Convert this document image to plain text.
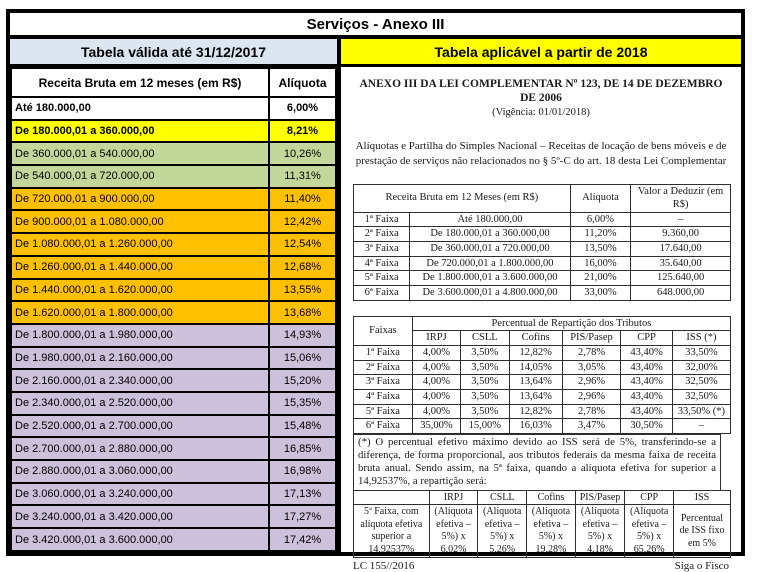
Serviços - Anexo III
Tabela válida até 31/12/2017
Receita Bruta em 12 meses (em R$)	Alíquota
Até 180.000,00	6,00%
De 180.000,01 a 360.000,00	8,21%
De 360.000,01 a 540.000,00	10,26%
De 540.000,01 a 720.000,00	11,31%
De 720.000,01 a 900.000,00	11,40%
De 900.000,01 a 1.080.000,00	12,42%
De 1.080.000,01 a 1.260.000,00	12,54%
De 1.260.000,01 a 1.440.000,00	12,68%
De 1.440.000,01 a 1.620.000,00	13,55%
De 1.620.000,01 a 1.800.000,00	13,68%
De 1.800.000,01 a 1.980.000,00	14,93%
De 1.980.000,01 a 2.160.000,00	15,06%
De 2.160.000,01 a 2.340.000,00	15,20%
De 2.340.000,01 a 2.520.000,00	15,35%
De 2.520.000,01 a 2.700.000,00	15,48%
De 2.700.000,01 a 2.880.000,00	16,85%
De 2.880.000,01 a 3.060.000,00	16,98%
De 3.060.000,01 a 3.240.000,00	17,13%
De 3.240.000,01 a 3.420.000,00	17,27%
De 3.420.000,01 a 3.600.000,00	17,42%
Tabela aplicável a partir de 2018
ANEXO III DA LEI COMPLEMENTAR Nº 123, DE 14 DE DEZEMBRO DE 2006
(Vigência: 01/01/2018)
Alíquotas e Partilha do Simples Nacional – Receitas de locação de bens móveis e de prestação de serviços não relacionados no § 5º-C do art. 18 desta Lei Complementar
Receita Bruta em 12 Meses (em R$)		Alíquota	Valor a Deduzir (em R$)
1ª Faixa	Até 180.000,00	6,00%	–
2ª Faixa	De 180.000,01 a 360.000,00	11,20%	9.360,00
3ª Faixa	De 360.000,01 a 720.000,00	13,50%	17.640,00
4ª Faixa	De 720.000,01 a 1.800.000,00	16,00%	35.640,00
5ª Faixa	De 1.800.000,01 a 3.600.000,00	21,00%	125.640,00
6ª Faixa	De 3.600.000,01 a 4.800.000,00	33,00%	648.000,00
Faixas	Percentual de Repartição dos Tributos					
	IRPJ	CSLL	Cofins	PIS/Pasep	CPP	ISS (*)
1ª Faixa	4,00%	3,50%	12,82%	2,78%	43,40%	33,50%
2ª Faixa	4,00%	3,50%	14,05%	3,05%	43,40%	32,00%
3ª Faixa	4,00%	3,50%	13,64%	2,96%	43,40%	32,50%
4ª Faixa	4,00%	3,50%	13,64%	2,96%	43,40%	32,50%
5ª Faixa	4,00%	3,50%	12,82%	2,78%	43,40%	33,50% (*)
6ª Faixa	35,00%	15,00%	16,03%	3,47%	30,50%	–
(*) O percentual efetivo máximo devido ao ISS será de 5%, transferindo-se a diferença, de forma proporcional, aos tributos federais da mesma faixa de receita bruta anual. Sendo assim, na 5ª faixa, quando a alíquota efetiva for superior a 14,92537%, a repartição será:
	IRPJ	CSLL	Cofins	PIS/Pasep	CPP	ISS
5ª Faixa, com alíquota efetiva superior a 14,92537%	(Alíquota efetiva – 5%) x 6,02%	(Alíquota efetiva – 5%) x 5,26%	(Alíquota efetiva – 5%) x 19,28%	(Alíquota efetiva – 5%) x 4,18%	(Alíquota efetiva – 5%) x 65,26%	Percentual de ISS fixo em 5%
LC 155//2016	Siga o Fisco
